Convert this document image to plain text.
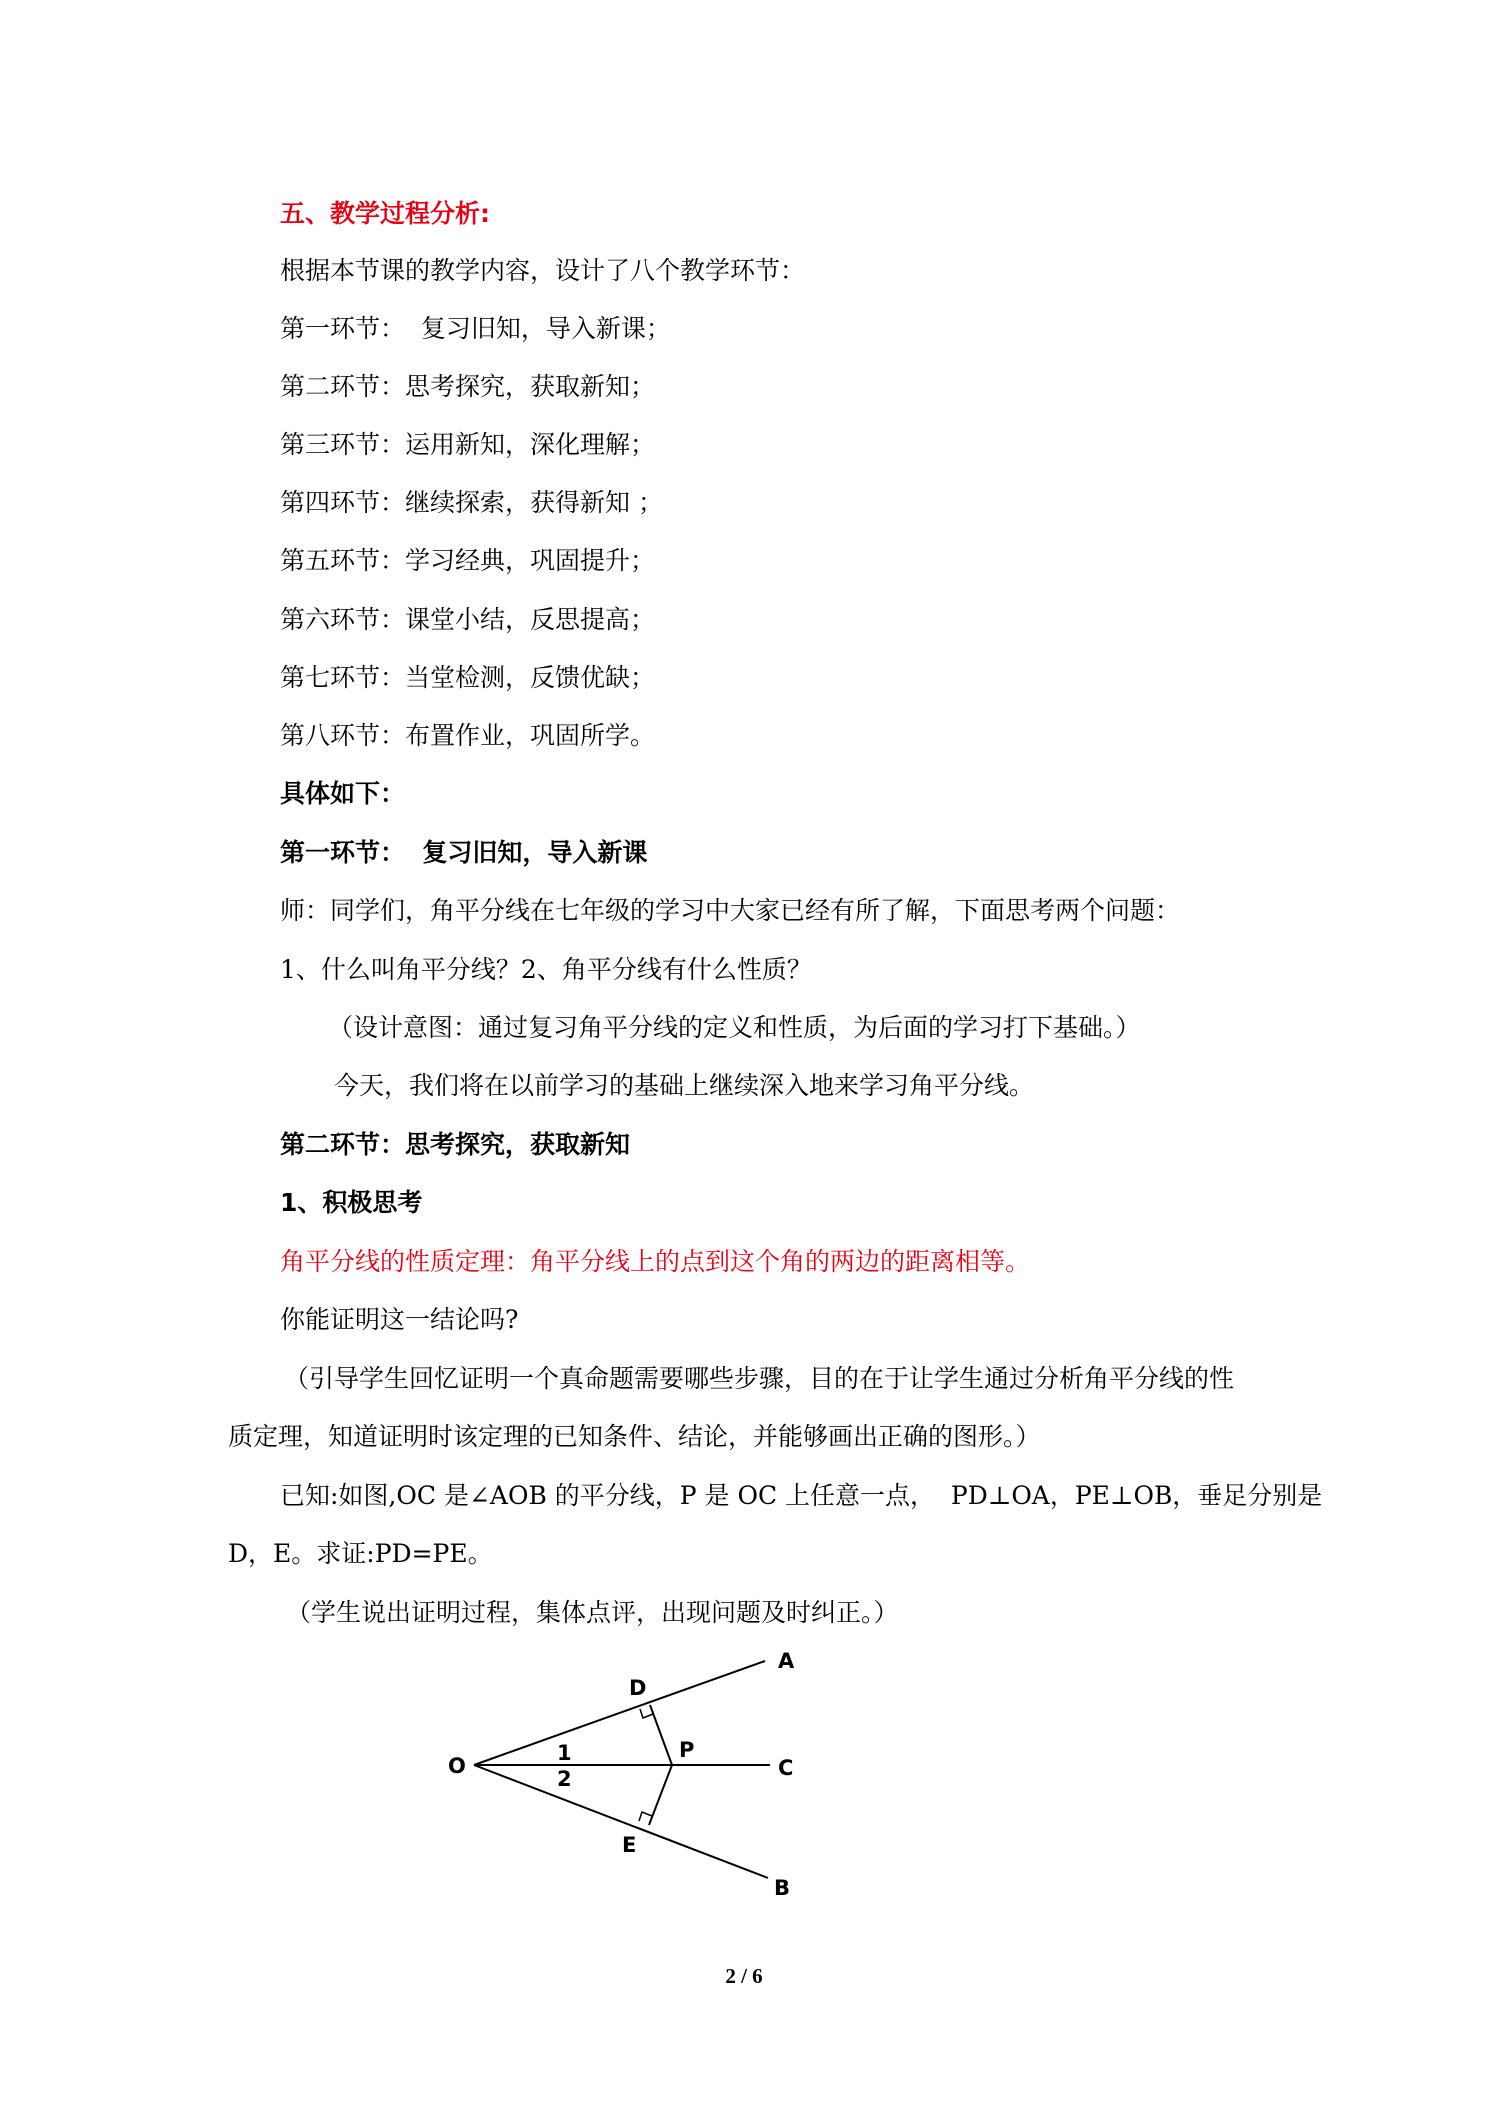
五、教学过程分析:
根据本节课的教学内容，设计了八个教学环节：
第一环节：  复习旧知，导入新课；
第二环节：思考探究，获取新知；
第三环节：运用新知，深化理解；
第四环节：继续探索，获得新知 ；
第五环节：学习经典，巩固提升；
第六环节：课堂小结，反思提高；
第七环节：当堂检测，反馈优缺；
第八环节：布置作业，巩固所学。
具体如下：
第一环节：  复习旧知，导入新课
师：同学们，角平分线在七年级的学习中大家已经有所了解，下面思考两个问题：
1、什么叫角平分线？2、角平分线有什么性质？
（设计意图：通过复习角平分线的定义和性质，为后面的学习打下基础。）
今天，我们将在以前学习的基础上继续深入地来学习角平分线。
第二环节：思考探究，获取新知
1、积极思考
角平分线的性质定理：角平分线上的点到这个角的两边的距离相等。
你能证明这一结论吗?
（引导学生回忆证明一个真命题需要哪些步骤，目的在于让学生通过分析角平分线的性
质定理，知道证明时该定理的已知条件、结论，并能够画出正确的图形。）
已知:如图,OC 是∠AOB 的平分线，P 是 OC 上任意一点，  PD⊥OA，PE⊥OB，垂足分别是
D，E。求证:PD=PE。
（学生说出证明过程，集体点评，出现问题及时纠正。）
A
D
O
1
2
P
C
E
B
2 / 6
